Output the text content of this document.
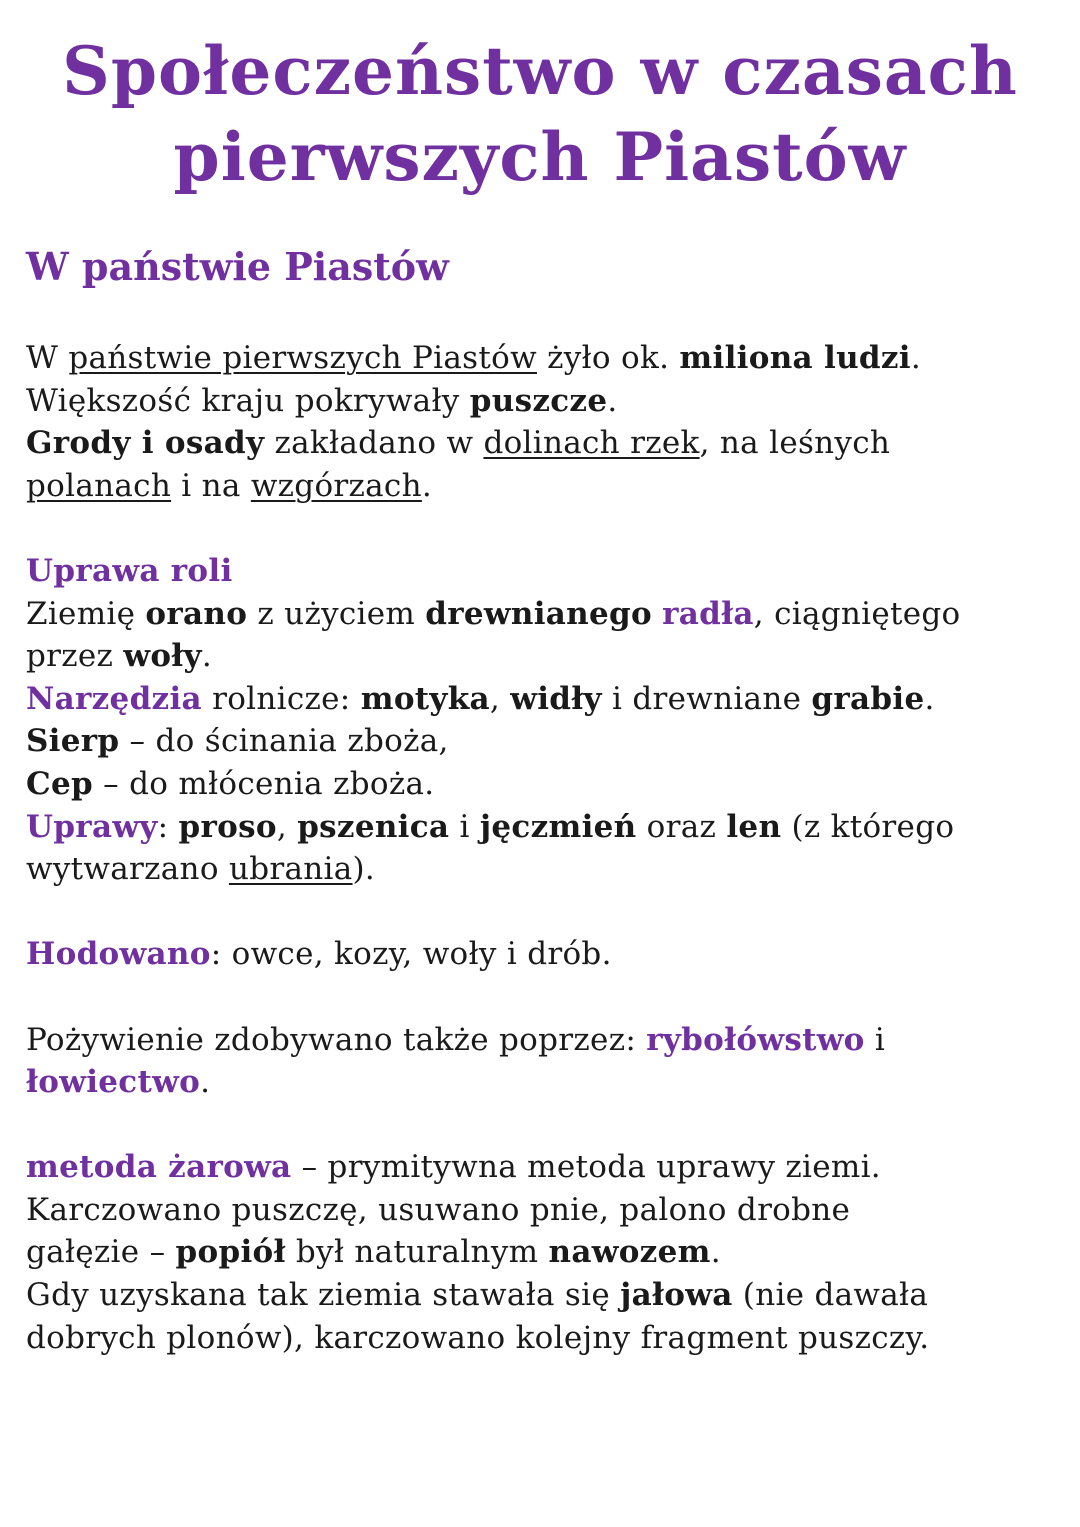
Społeczeństwo w czasach
pierwszych Piastów
W państwie Piastów

W państwie pierwszych Piastów żyło ok. miliona ludzi.

Większość kraju pokrywały puszcze.

Grody i osady zakładano w dolinach rzek, na leśnych

polanach i na wzgórzach.

Uprawa roli

Ziemię orano z użyciem drewnianego radła, ciągniętego

przez woły.

Narzędzia rolnicze: motyka, widły i drewniane grabie.

Sierp – do ścinania zboża,

Cep – do młócenia zboża.

Uprawy: proso, pszenica i jęczmień oraz len (z którego

wytwarzano ubrania).

Hodowano: owce, kozy, woły i drób.

Pożywienie zdobywano także poprzez: rybołówstwo i

łowiectwo.

metoda żarowa – prymitywna metoda uprawy ziemi.

Karczowano puszczę, usuwano pnie, palono drobne

gałęzie – popiół był naturalnym nawozem.

Gdy uzyskana tak ziemia stawała się jałowa (nie dawała

dobrych plonów), karczowano kolejny fragment puszczy.
